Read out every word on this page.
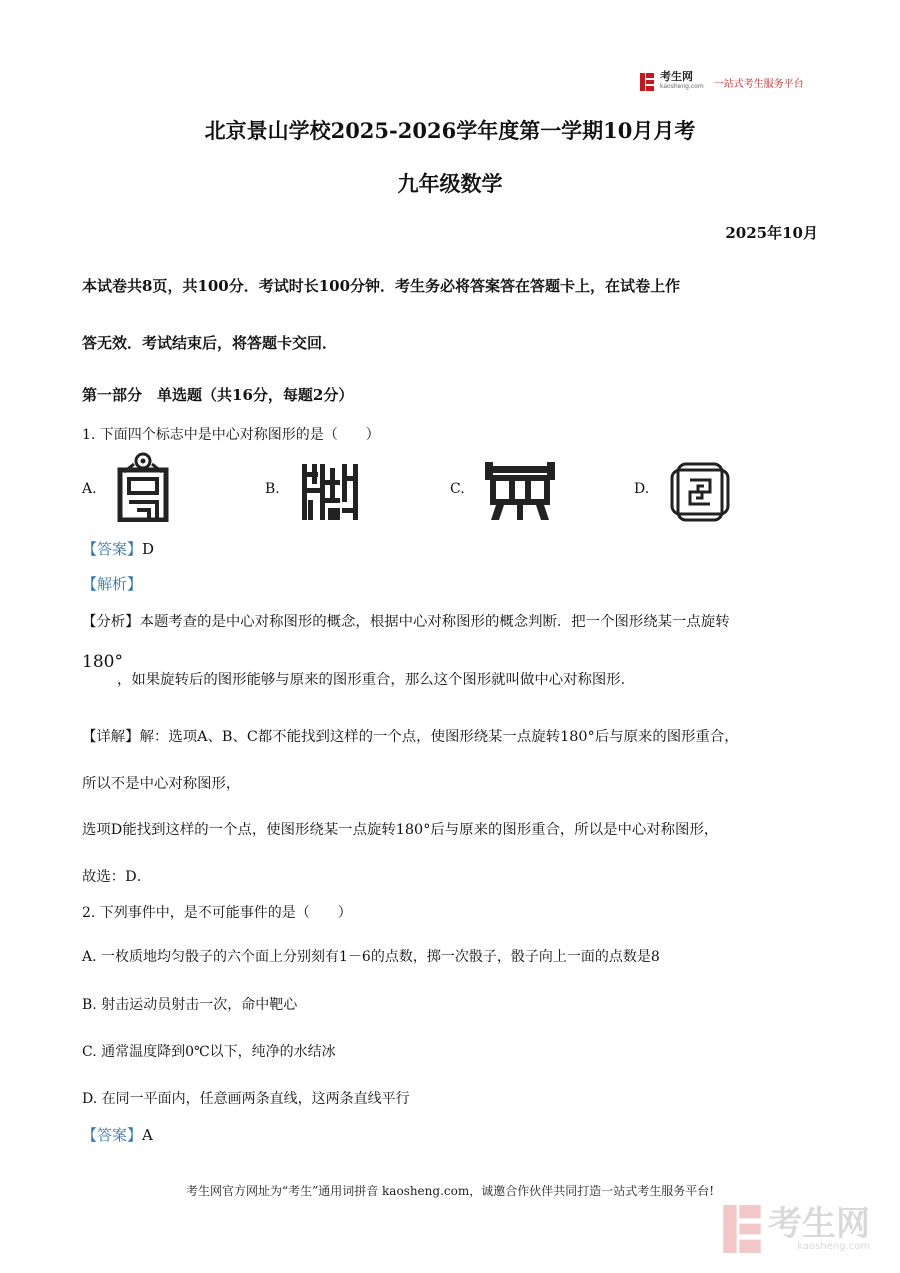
考生网
kaosheng.com 一站式考生服务平台
北京景山学校2025-2026学年度第一学期10月月考
九年级数学
2025年10月
本试卷共8页，共100分．考试时长100分钟．考生务必将答案答在答题卡上，在试卷上作
答无效．考试结束后，将答题卡交回．
第一部分　单选题（共16分，每题2分）
1. 下面四个标志中是中心对称图形的是（　　）
A.	B.	C.	D.
【答案】D
【解析】
【分析】本题考查的是中心对称图形的概念，根据中心对称图形的概念判断．把一个图形绕某一点旋转
180°
，如果旋转后的图形能够与原来的图形重合，那么这个图形就叫做中心对称图形．
【详解】解：选项A、B、C都不能找到这样的一个点，使图形绕某一点旋转180°后与原来的图形重合，
所以不是中心对称图形，
选项D能找到这样的一个点，使图形绕某一点旋转180°后与原来的图形重合，所以是中心对称图形，
故选：D．
2. 下列事件中，是不可能事件的是（　　）
A. 一枚质地均匀骰子的六个面上分别刻有1－6的点数，掷一次骰子，骰子向上一面的点数是8
B. 射击运动员射击一次，命中靶心
C. 通常温度降到0℃以下，纯净的水结冰
D. 在同一平面内，任意画两条直线，这两条直线平行
【答案】A
考生网官方网址为“考生”通用词拼音 kaosheng.com，诚邀合作伙伴共同打造一站式考生服务平台!
考生网
kaosheng.com
